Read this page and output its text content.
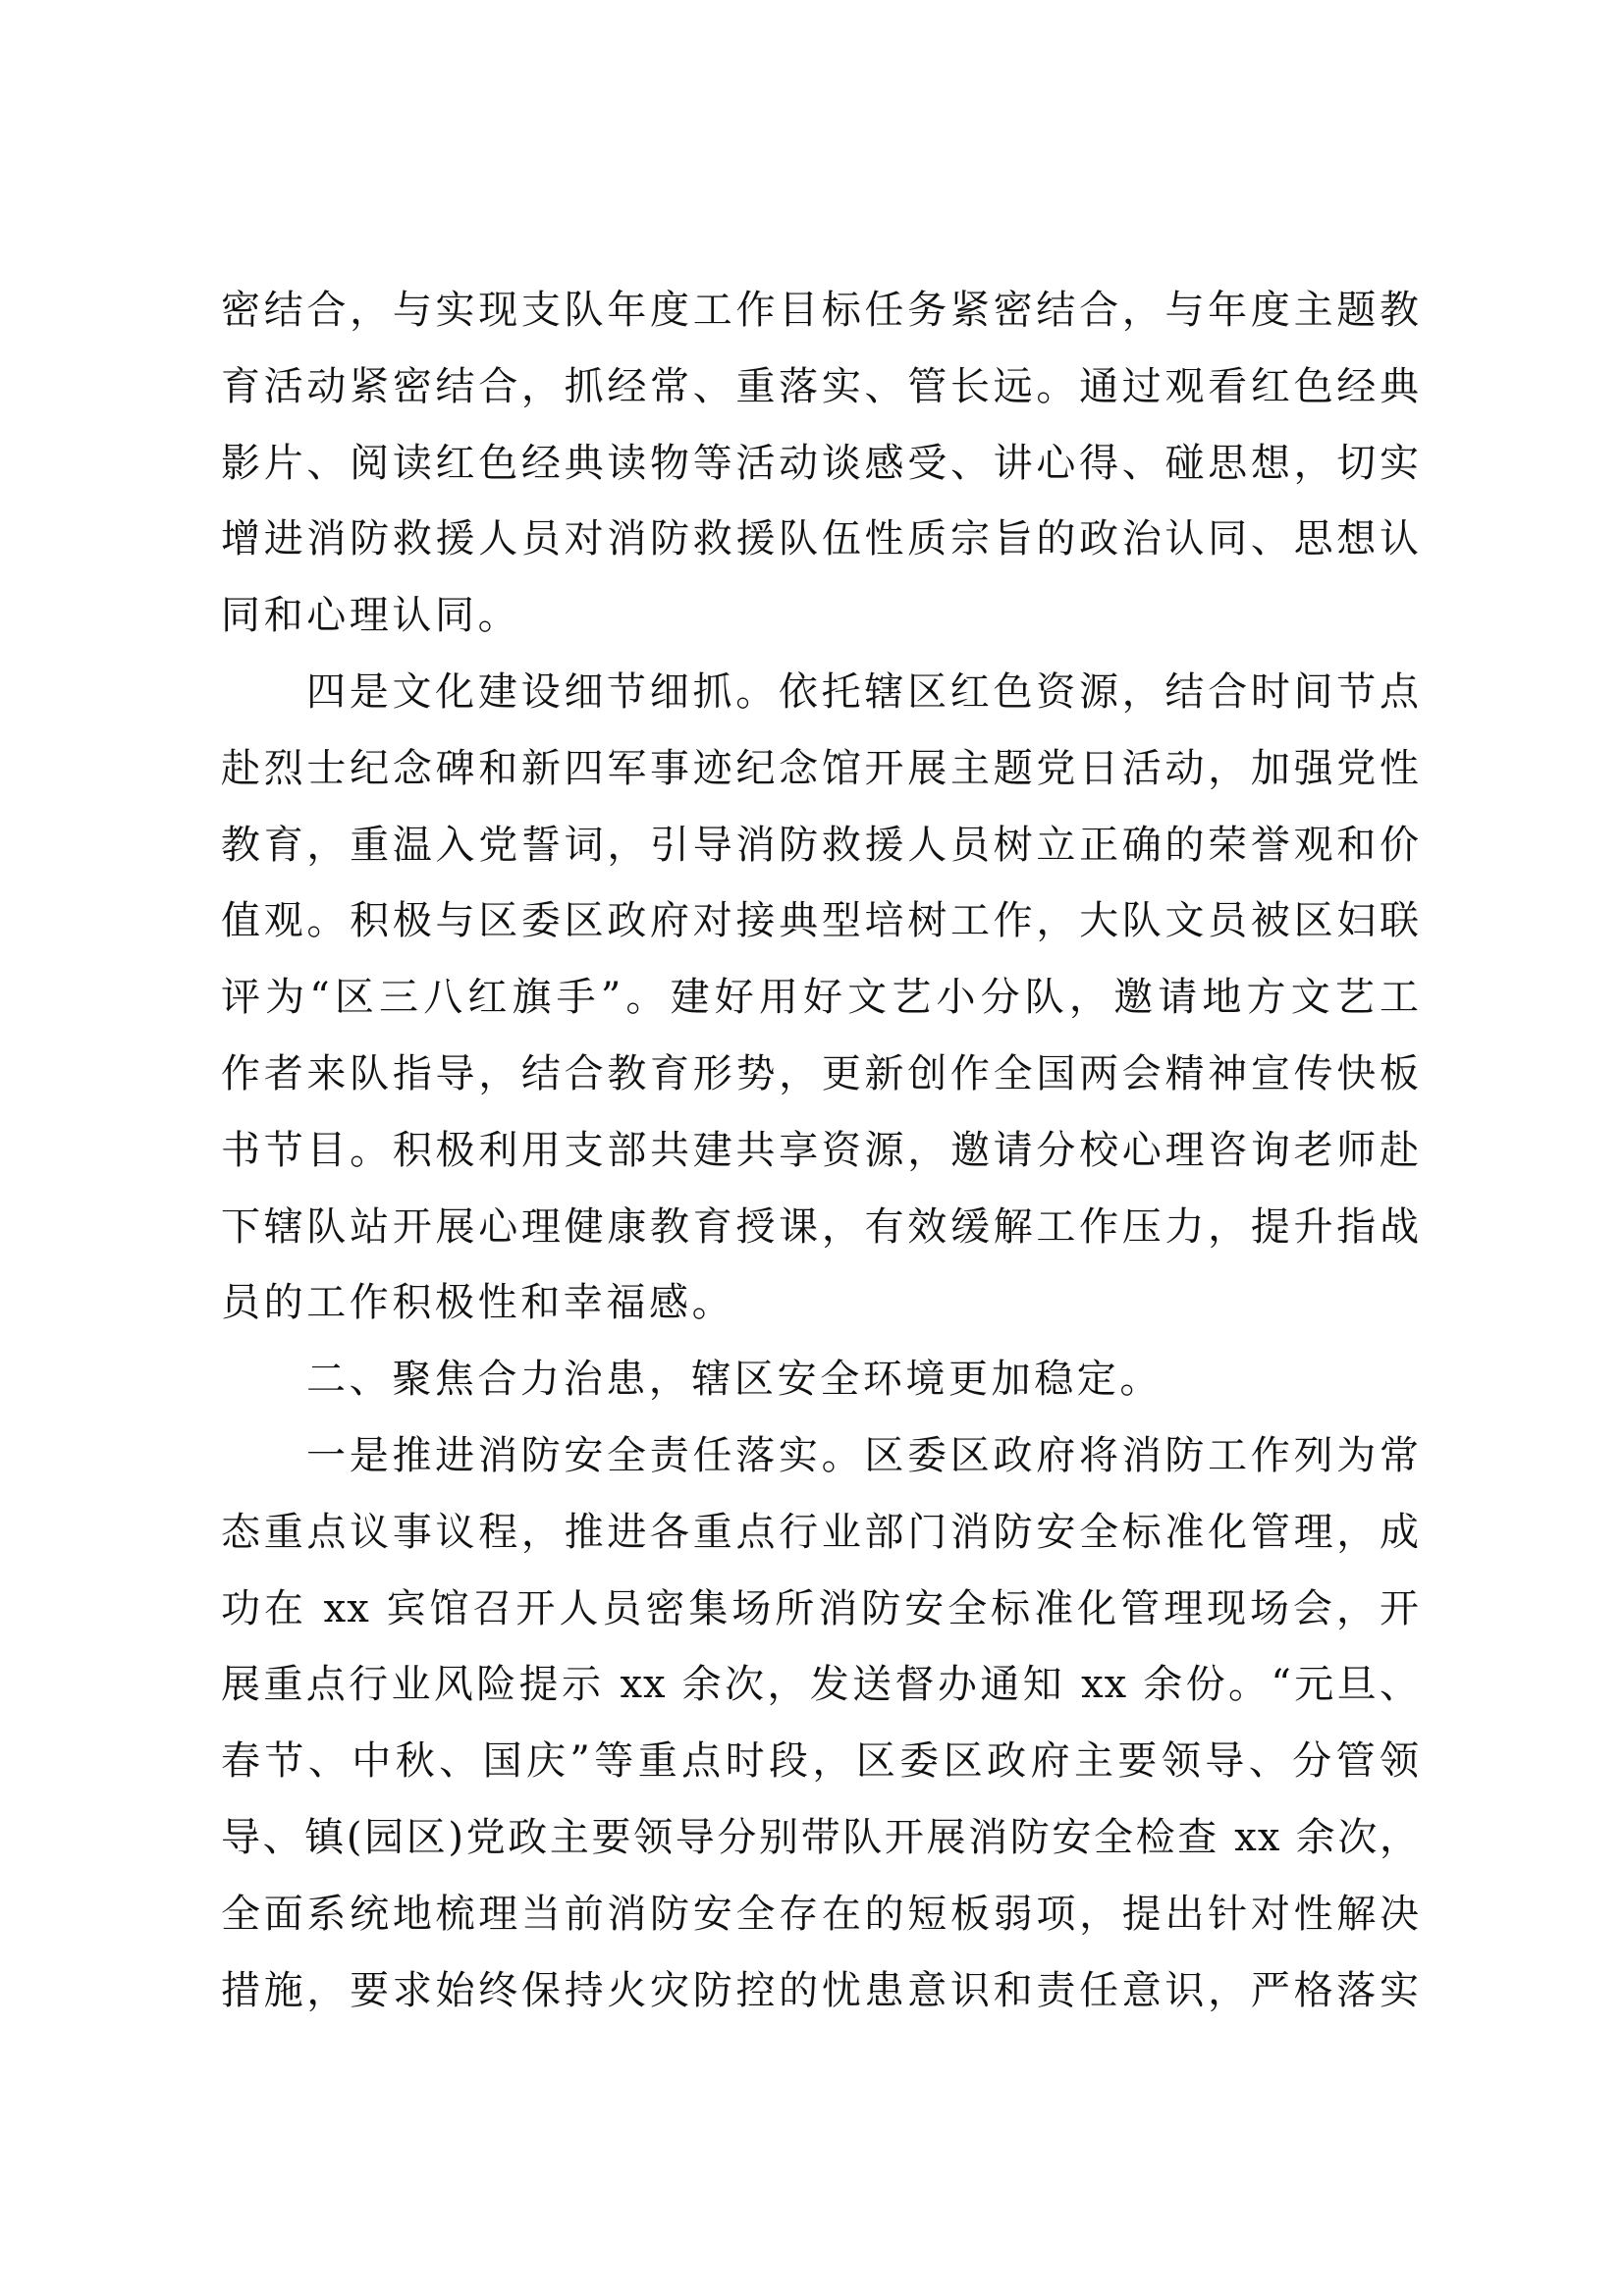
密结合，与实现支队年度工作目标任务紧密结合，与年度主题教
育活动紧密结合，抓经常、重落实、管长远。通过观看红色经典
影片、阅读红色经典读物等活动谈感受、讲心得、碰思想，切实
增进消防救援人员对消防救援队伍性质宗旨的政治认同、思想认
同和心理认同。
四是文化建设细节细抓。依托辖区红色资源，结合时间节点
赴烈士纪念碑和新四军事迹纪念馆开展主题党日活动，加强党性
教育，重温入党誓词，引导消防救援人员树立正确的荣誉观和价
值观。积极与区委区政府对接典型培树工作，大队文员被区妇联
评为“区三八红旗手”。建好用好文艺小分队，邀请地方文艺工
作者来队指导，结合教育形势，更新创作全国两会精神宣传快板
书节目。积极利用支部共建共享资源，邀请分校心理咨询老师赴
下辖队站开展心理健康教育授课，有效缓解工作压力，提升指战
员的工作积极性和幸福感。
二、聚焦合力治患，辖区安全环境更加稳定。
一是推进消防安全责任落实。区委区政府将消防工作列为常
态重点议事议程，推进各重点行业部门消防安全标准化管理，成
功在 xx 宾馆召开人员密集场所消防安全标准化管理现场会，开
展重点行业风险提示 xx 余次，发送督办通知 xx 余份。“元旦、
春节、中秋、国庆”等重点时段，区委区政府主要领导、分管领
导、镇(园区)党政主要领导分别带队开展消防安全检查 xx 余次，
全面系统地梳理当前消防安全存在的短板弱项，提出针对性解决
措施，要求始终保持火灾防控的忧患意识和责任意识，严格落实
